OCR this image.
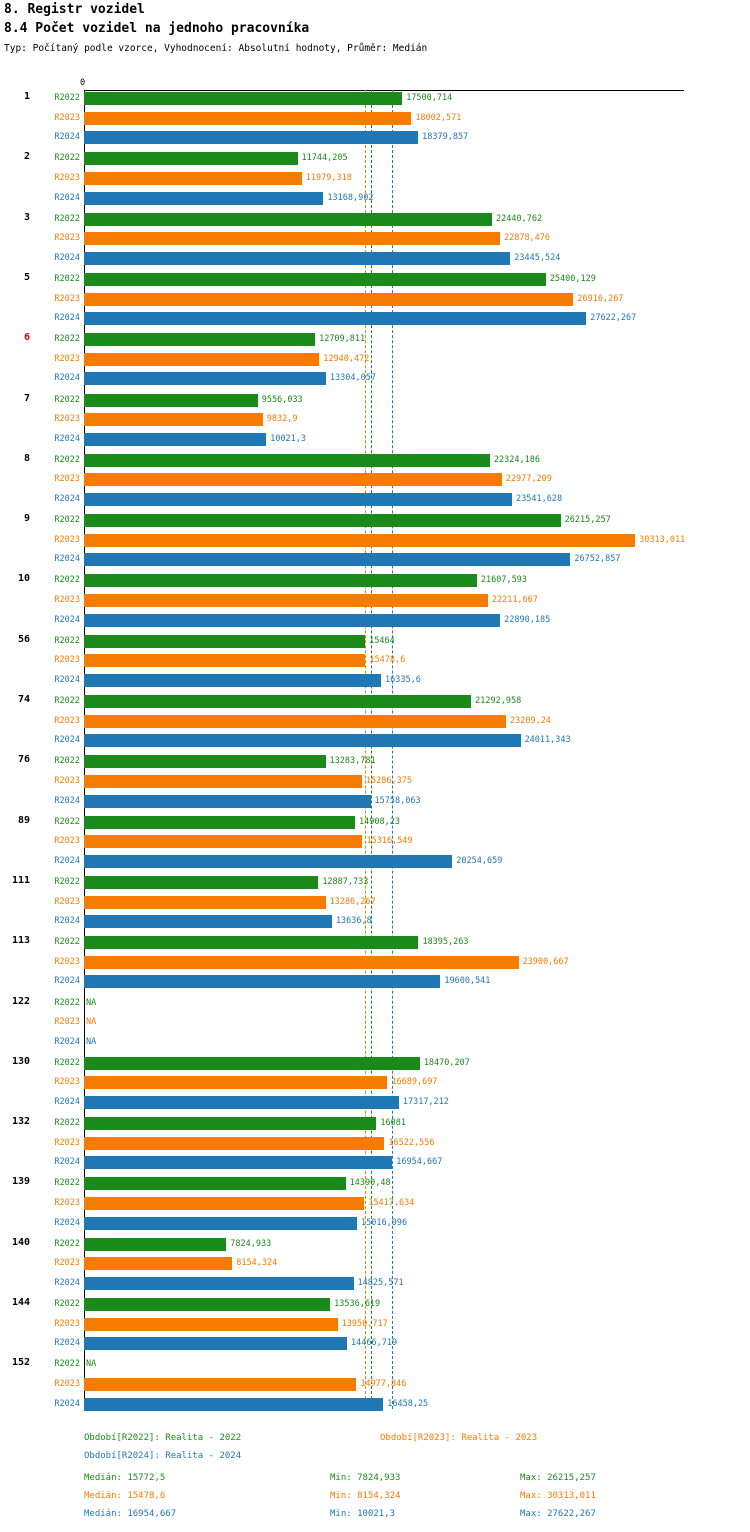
8. Registr vozidel
8.4 Počet vozidel na jednoho pracovníka
Typ: Počítaný podle vzorce, Vyhodnocení: Absolutní hodnoty, Průměr: Medián
0
1	R2022	17500,714
R2023	18002,571
R2024	18379,857
2	R2022	11744,205
R2023	11979,318
R2024	13168,902
3	R2022	22440,762
R2023	22878,476
R2024	23445,524
5	R2022	25400,129
R2023	26916,267
R2024	27622,267
6	R2022	12709,811
R2023	12940,472
R2024	13304,057
7	R2022	9556,033
R2023	9832,9
R2024	10021,3
8	R2022	22324,186
R2023	22977,209
R2024	23541,628
9	R2022	26215,257
R2023	30313,011
R2024	26752,857
10	R2022	21607,593
R2023	22211,667
R2024	22890,185
56	R2022	15464
R2023	15478,6
R2024	16335,6
74	R2022	21292,958
R2023	23209,24
R2024	24011,343
76	R2022	13283,781
R2023	15286,375
R2024	15758,063
89	R2022	14908,23
R2023	15316,549
R2024	20254,659
111	R2022	12887,733
R2023	13286,267
R2024	13636,8
113	R2022	18395,263
R2023	23900,667
R2024	19600,541
122	R2022 NA
R2023 NA
R2024 NA
130	R2022	18470,207
R2023	16689,697
R2024	17317,212
132	R2022	16081
R2023	16522,556
R2024	16954,667
139	R2022	14390,48
R2023	15417,634
R2024	15016,996
140	R2022	7824,933
R2023	8154,324
R2024	14825,571
144	R2022	13536,619
R2023	13950,717
R2024	14466,719
152	R2022 NA
R2023	14977,846
R2024	16458,25
Období[R2022]: Realita - 2022	Období[R2023]: Realita - 2023
Období[R2024]: Realita - 2024
Medián: 15772,5	Min: 7824,933	Max: 26215,257
Medián: 15478,6	Min: 8154,324	Max: 30313,011
Medián: 16954,667	Min: 10021,3	Max: 27622,267
